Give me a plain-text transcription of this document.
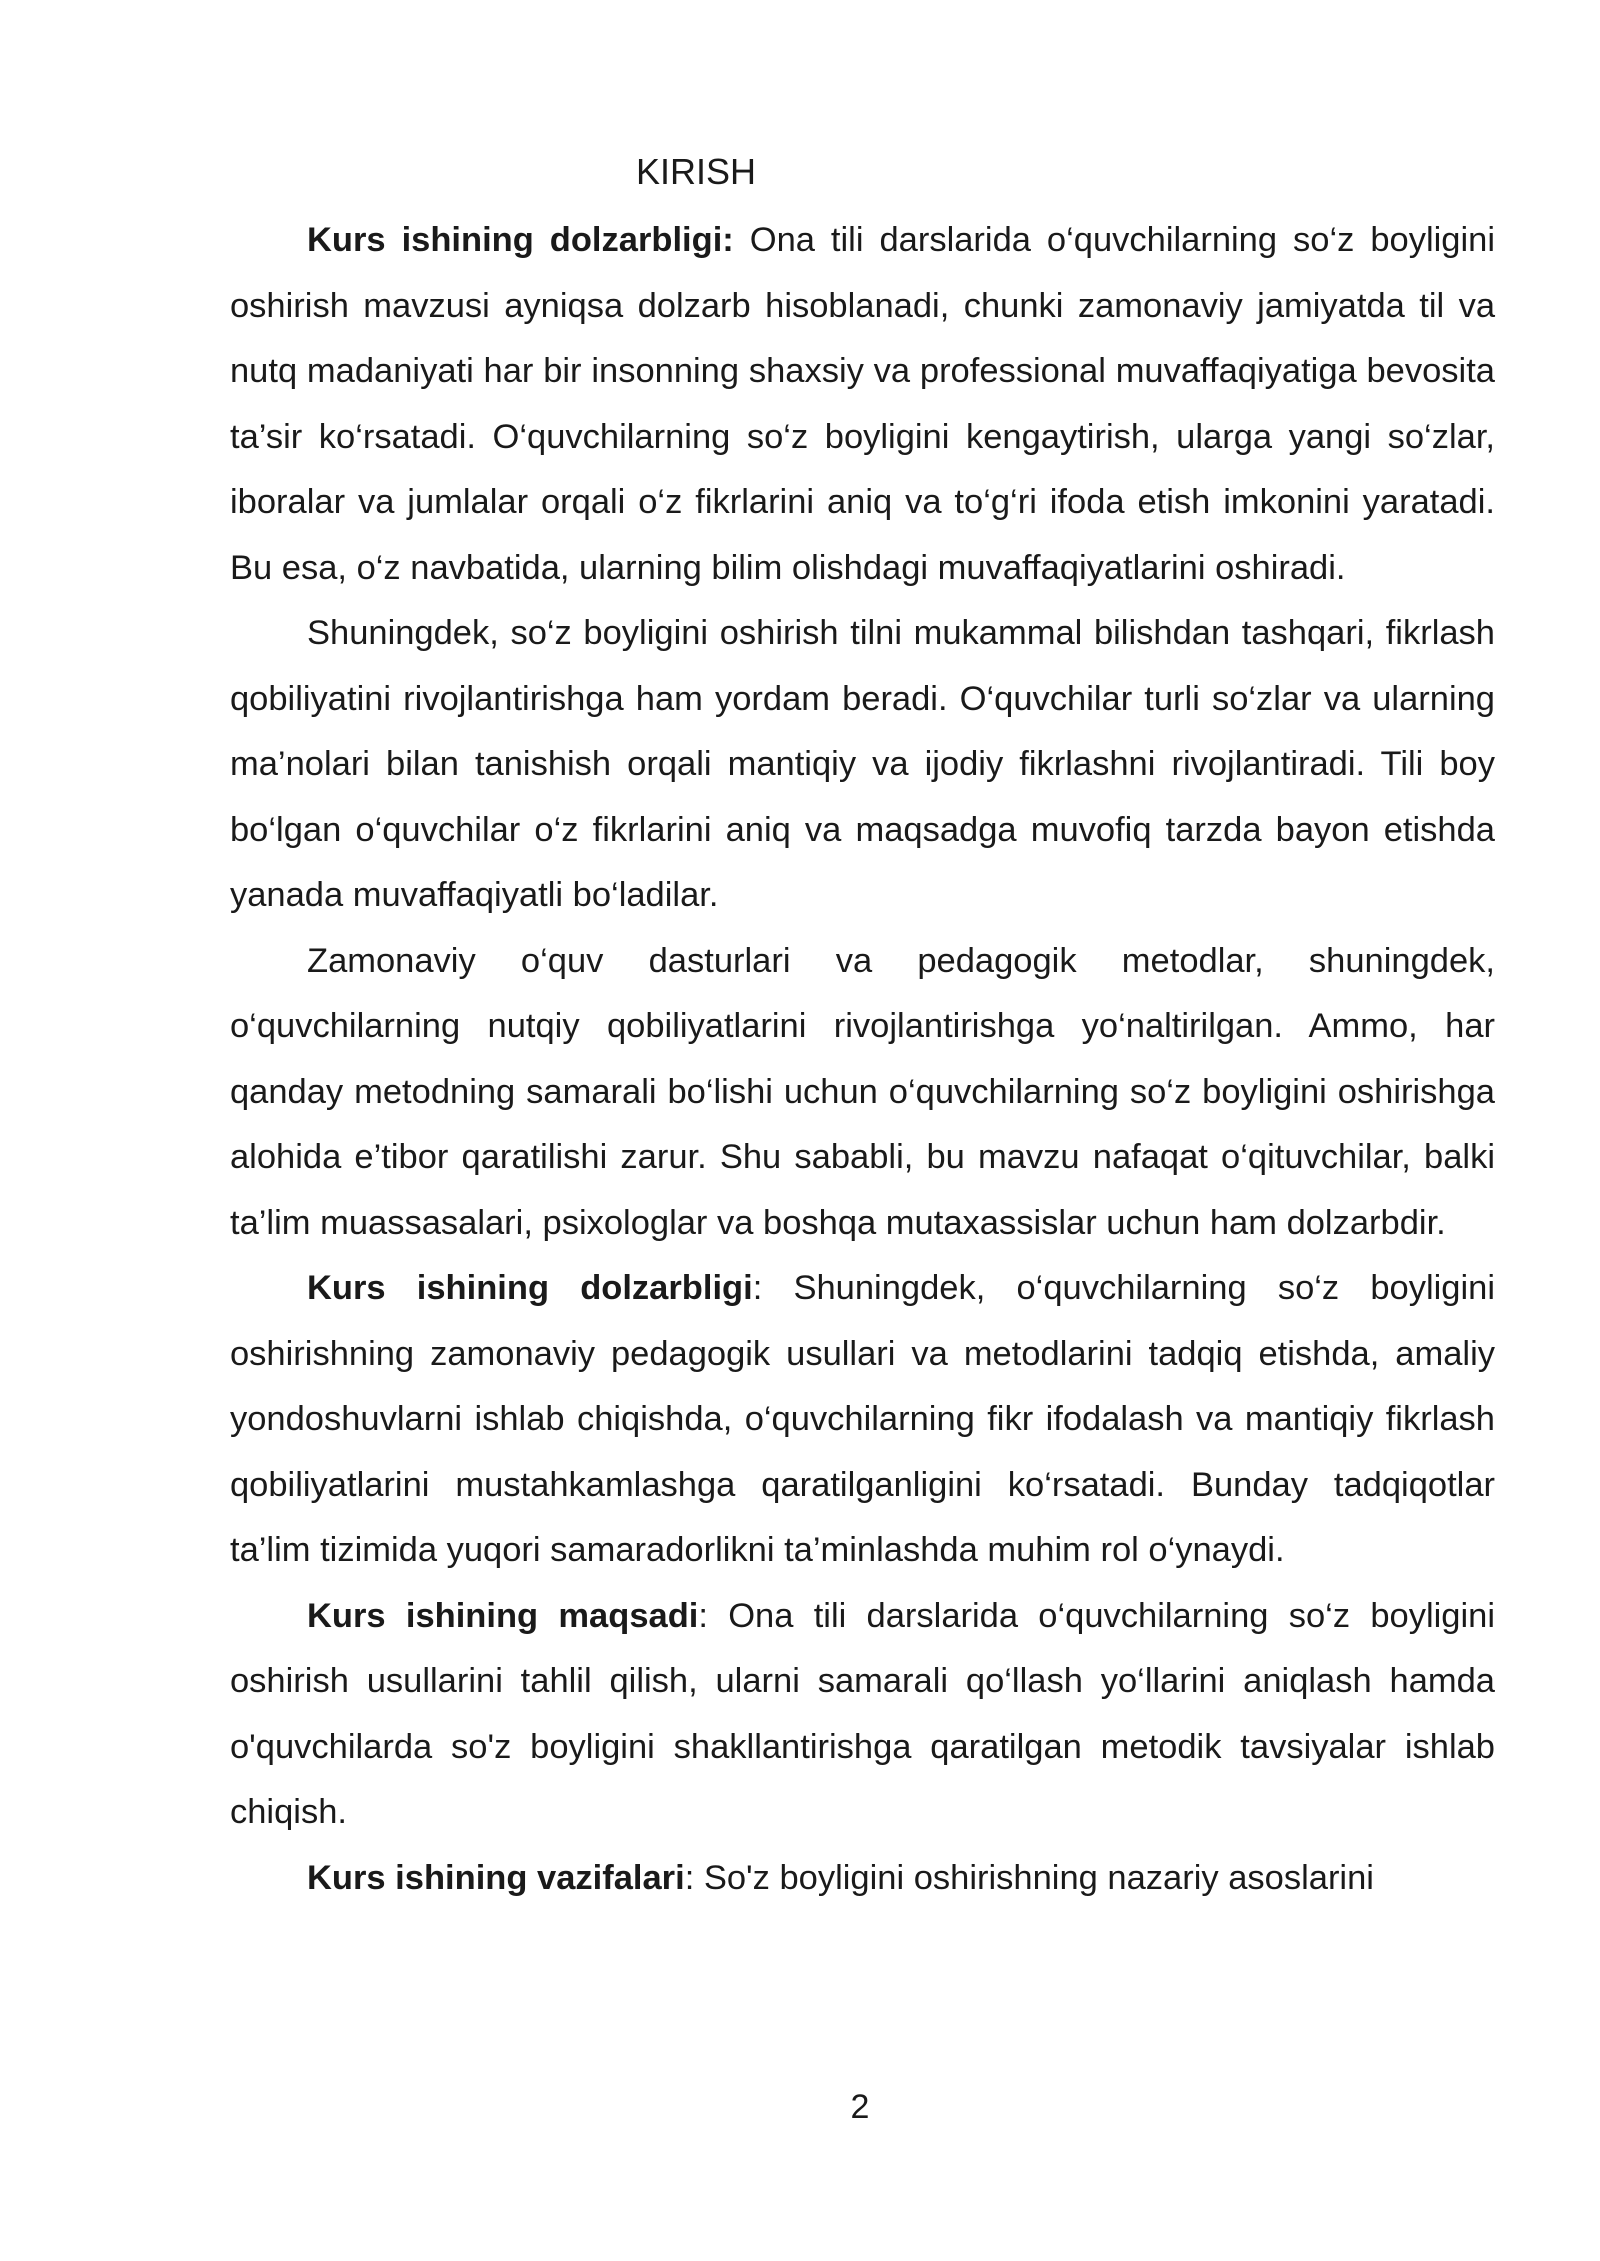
KIRISH

Kurs ishining dolzarbligi: Ona tili darslarida o‘quvchilarning so‘z boyligini oshirish mavzusi ayniqsa dolzarb hisoblanadi, chunki zamonaviy jamiyatda til va nutq madaniyati har bir insonning shaxsiy va professional muvaffaqiyatiga bevosita ta’sir ko‘rsatadi. O‘quvchilarning so‘z boyligini kengaytirish, ularga yangi so‘zlar, iboralar va jumlalar orqali o‘z fikrlarini aniq va to‘g‘ri ifoda etish imkonini yaratadi. Bu esa, o‘z navbatida, ularning bilim olishdagi muvaffaqiyatlarini oshiradi.

Shuningdek, so‘z boyligini oshirish tilni mukammal bilishdan tashqari, fikrlash qobiliyatini rivojlantirishga ham yordam beradi. O‘quvchilar turli so‘zlar va ularning ma’nolari bilan tanishish orqali mantiqiy va ijodiy fikrlashni rivojlantiradi. Tili boy bo‘lgan o‘quvchilar o‘z fikrlarini aniq va maqsadga muvofiq tarzda bayon etishda yanada muvaffaqiyatli bo‘ladilar.

Zamonaviy o‘quv dasturlari va pedagogik metodlar, shuningdek, o‘quvchilarning nutqiy qobiliyatlarini rivojlantirishga yo‘naltirilgan. Ammo, har qanday metodning samarali bo‘lishi uchun o‘quvchilarning so‘z boyligini oshirishga alohida e’tibor qaratilishi zarur. Shu sababli, bu mavzu nafaqat o‘qituvchilar, balki ta’lim muassasalari, psixologlar va boshqa mutaxassislar uchun ham dolzarbdir.

Kurs ishining dolzarbligi: Shuningdek, o‘quvchilarning so‘z boyligini oshirishning zamonaviy pedagogik usullari va metodlarini tadqiq etishda, amaliy yondoshuvlarni ishlab chiqishda, o‘quvchilarning fikr ifodalash va mantiqiy fikrlash qobiliyatlarini mustahkamlashga qaratilganligini ko‘rsatadi. Bunday tadqiqotlar ta’lim tizimida yuqori samaradorlikni ta’minlashda muhim rol o‘ynaydi.

Kurs ishining maqsadi: Ona tili darslarida o‘quvchilarning so‘z boyligini oshirish usullarini tahlil qilish, ularni samarali qo‘llash yo‘llarini aniqlash hamda o'quvchilarda so'z boyligini shakllantirishga qaratilgan metodik tavsiyalar ishlab chiqish.

Kurs ishining vazifalari: So'z boyligini oshirishning nazariy asoslarini

2
